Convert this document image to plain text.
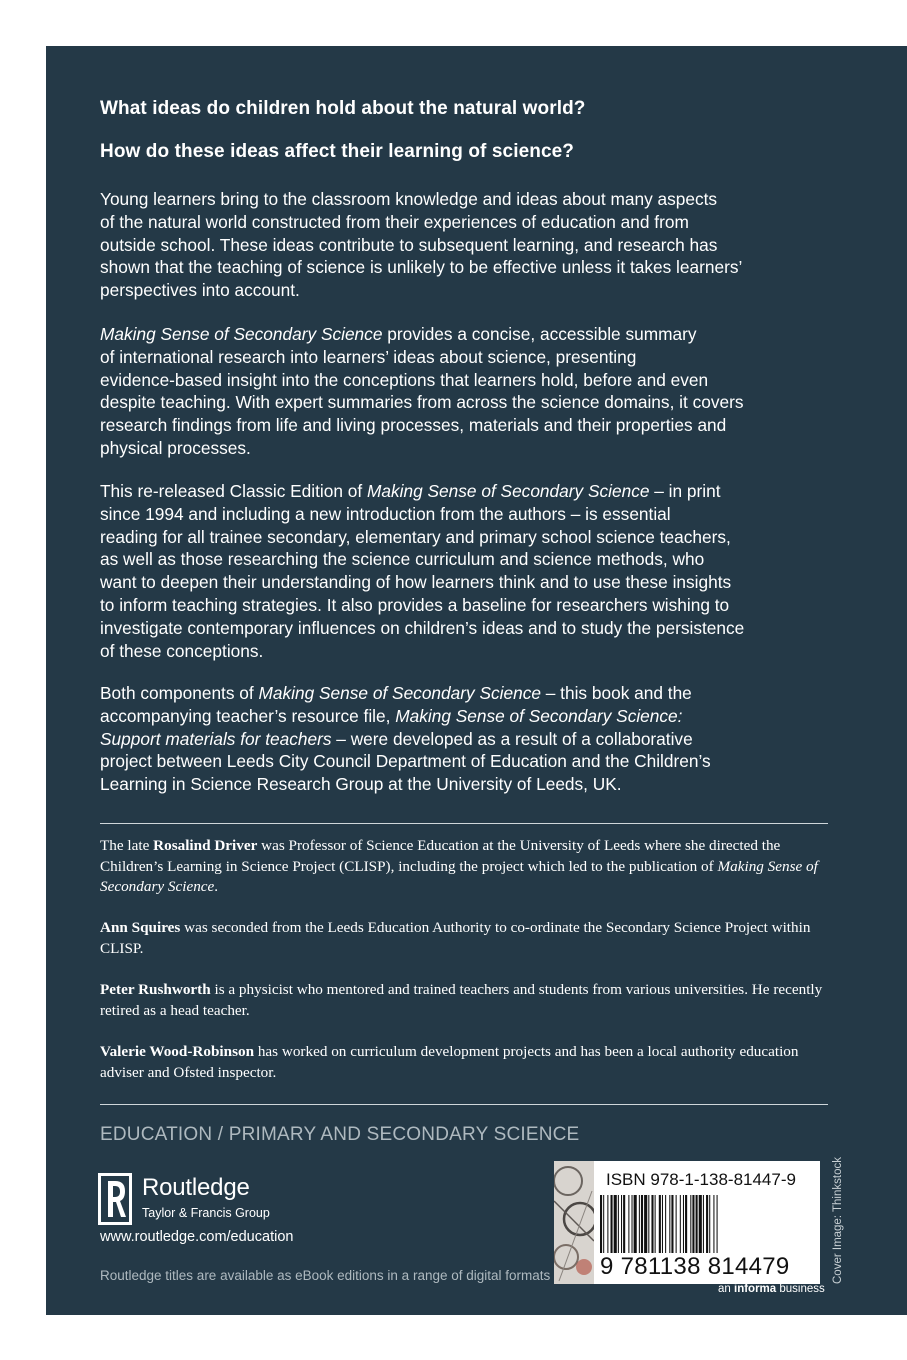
What ideas do children hold about the natural world?
How do these ideas affect their learning of science?

Young learners bring to the classroom knowledge and ideas about many aspects
of the natural world constructed from their experiences of education and from
outside school. These ideas contribute to subsequent learning, and research has
shown that the teaching of science is unlikely to be effective unless it takes learners’
perspectives into account.

Making Sense of Secondary Science provides a concise, accessible summary
of international research into learners’ ideas about science, presenting
evidence-based insight into the conceptions that learners hold, before and even
despite teaching. With expert summaries from across the science domains, it covers
research findings from life and living processes, materials and their properties and
physical processes.

This re-released Classic Edition of Making Sense of Secondary Science – in print
since 1994 and including a new introduction from the authors – is essential
reading for all trainee secondary, elementary and primary school science teachers,
as well as those researching the science curriculum and science methods, who
want to deepen their understanding of how learners think and to use these insights
to inform teaching strategies. It also provides a baseline for researchers wishing to
investigate contemporary influences on children’s ideas and to study the persistence
of these conceptions.

Both components of Making Sense of Secondary Science – this book and the
accompanying teacher’s resource file, Making Sense of Secondary Science:
Support materials for teachers – were developed as a result of a collaborative
project between Leeds City Council Department of Education and the Children’s
Learning in Science Research Group at the University of Leeds, UK.

The late Rosalind Driver was Professor of Science Education at the University of Leeds where she directed the Children’s Learning in Science Project (CLISP), including the project which led to the publication of Making Sense of Secondary Science.

Ann Squires was seconded from the Leeds Education Authority to co-ordinate the Secondary Science Project within CLISP.

Peter Rushworth is a physicist who mentored and trained teachers and students from various universities. He recently retired as a head teacher.

Valerie Wood-Robinson has worked on curriculum development projects and has been a local authority education adviser and Ofsted inspector.

EDUCATION / PRIMARY AND SECONDARY SCIENCE
Routledge
Taylor & Francis Group
www.routledge.com/education
Routledge titles are available as eBook editions in a range of digital formats
ISBN 978-1-138-81447-9
9 781138 814479
an informa business
Cover Image: Thinkstock
